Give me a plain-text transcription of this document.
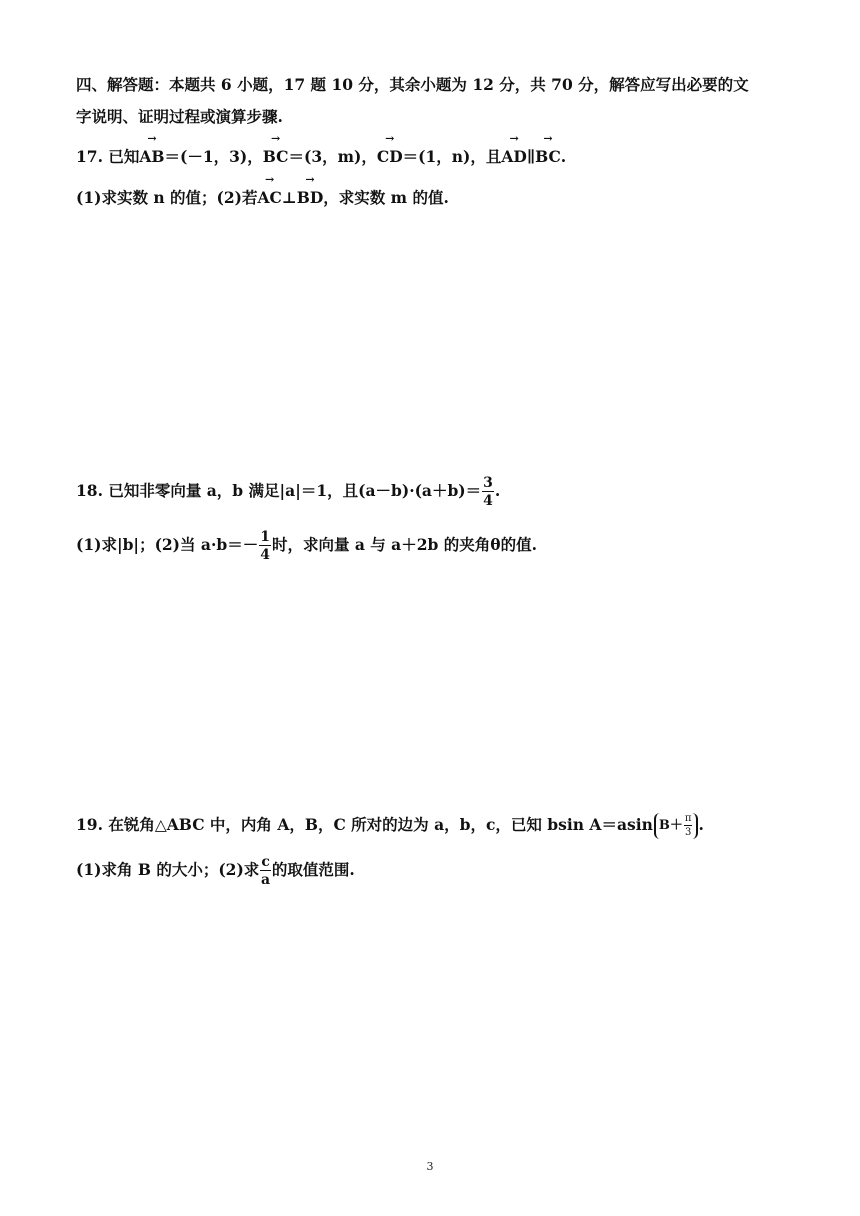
四、解答题：本题共 6 小题，17 题 10 分，其余小题为 12 分，共 70 分，解答应写出必要的文
字说明、证明过程或演算步骤.
17. 已知→ AB＝(－1，3)，→ BC＝(3，m)，→ CD＝(1，n)，且→ AD∥→ BC.
(1)求实数 n 的值；(2)若→ AC⊥→ BD，求实数 m 的值.
18. 已知非零向量 a，b 满足|a|＝1，且$(a-b)\cdot(a+b)= \frac{3}{4}$ .
(1)求|b|；(2)当 $a\cdot b=- \frac{1}{4}$ 时，求向量 a 与 a＋2b 的夹角θ的值.
19. 在锐角△ABC 中，内角 A，B，C 所对的边为 a，b，c，已知 bsin A＝asin $B+ \frac{\pi}{3}$ .
(1)求角 B 的大小；(2)求 $\frac{c}{a}$ 的取值范围.
3
